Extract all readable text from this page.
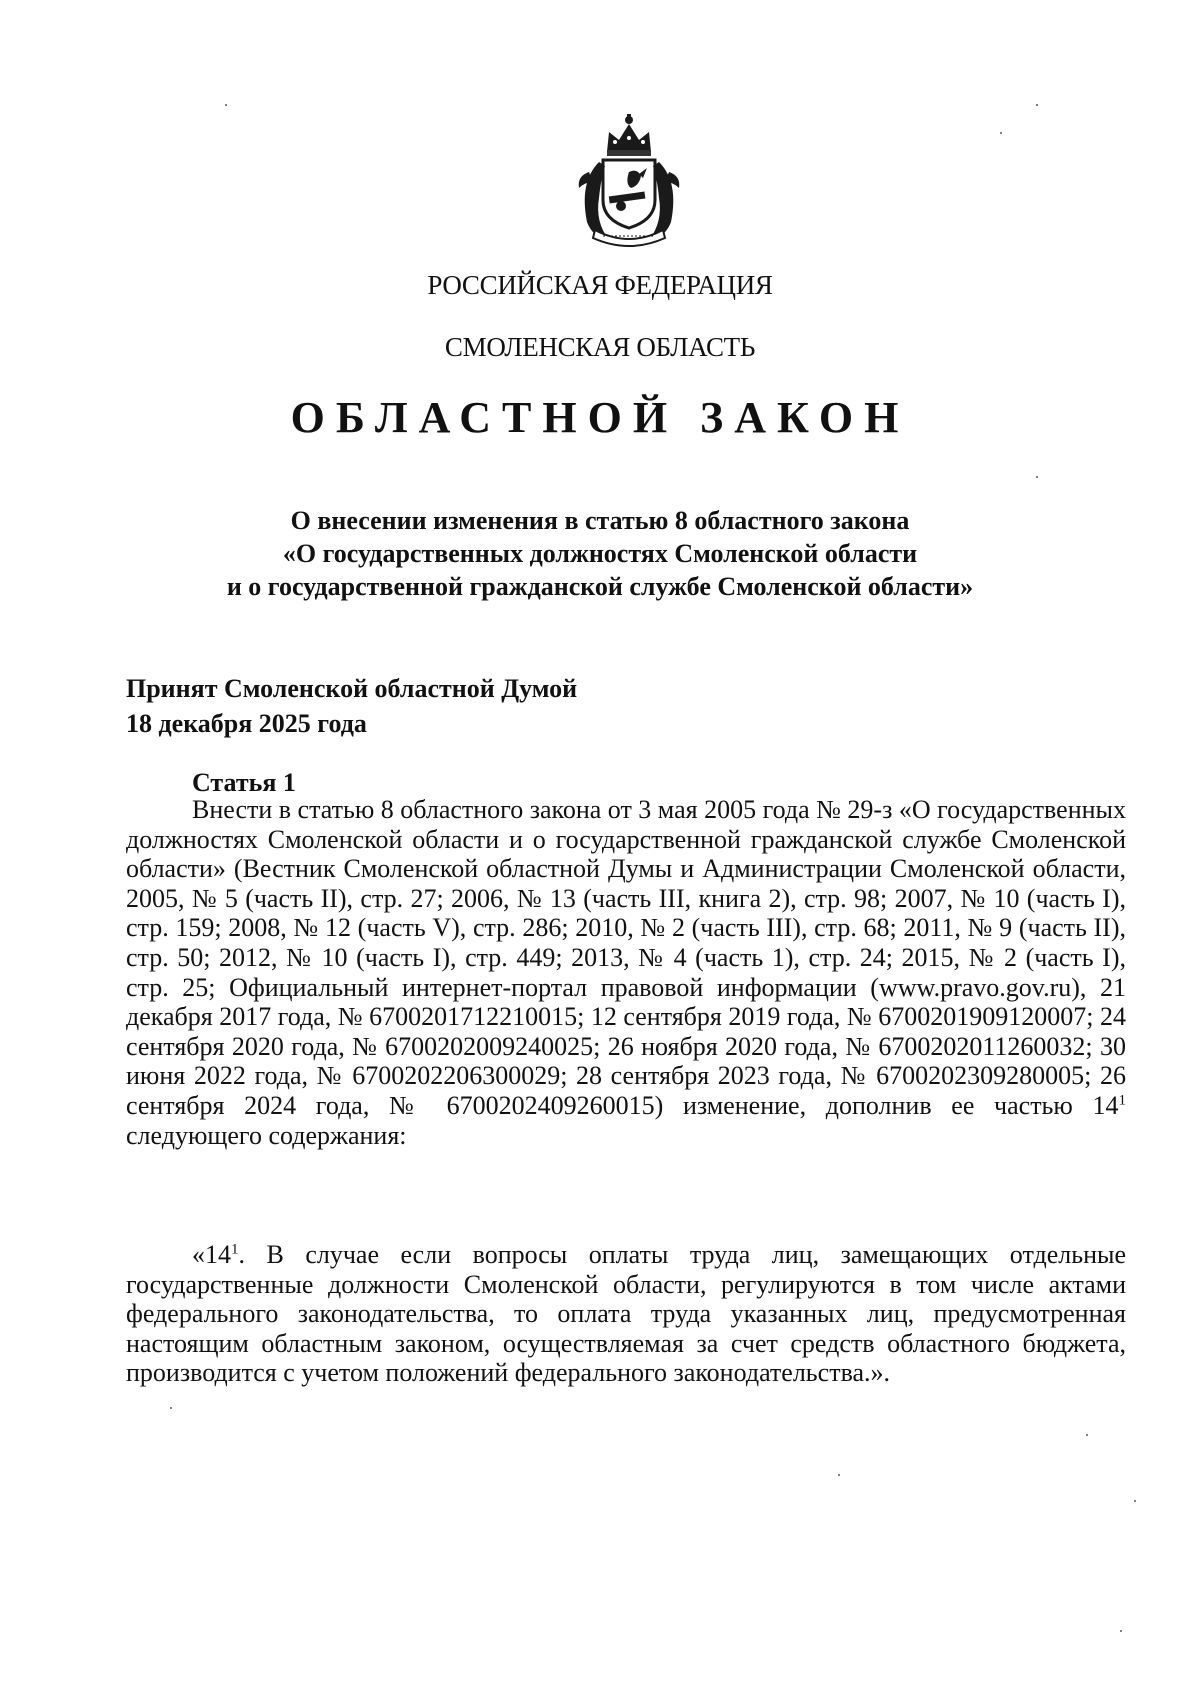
РОССИЙСКАЯ ФЕДЕРАЦИЯ
СМОЛЕНСКАЯ ОБЛАСТЬ
ОБЛАСТНОЙ ЗАКОН
О внесении изменения в статью 8 областного закона
«О государственных должностях Смоленской области
и о государственной гражданской службе Смоленской области»
Принят Смоленской областной Думой
18 декабря 2025 года
Статья 1

Внести в статью 8 областного закона от 3 мая 2005 года № 29-з «О государственных должностях Смоленской области и о государственной гражданской службе Смоленской области» (Вестник Смоленской областной Думы и Администрации Смоленской области, 2005, № 5 (часть II), стр. 27; 2006, № 13 (часть III, книга 2), стр. 98; 2007, № 10 (часть I), стр. 159; 2008, № 12 (часть V), стр. 286; 2010, № 2 (часть III), стр. 68; 2011, № 9 (часть II), стр. 50; 2012, № 10 (часть I), стр. 449; 2013, № 4 (часть 1), стр. 24; 2015, № 2 (часть I), стр. 25; Официальный интернет-портал правовой информации (www.pravo.gov.ru), 21 декабря 2017 года, № 6700201712210015; 12 сентября 2019 года, № 6700201909120007; 24 сентября 2020 года, № 6700202009240025; 26 ноября 2020 года, № 6700202011260032; 30 июня 2022 года, № 6700202206300029; 28 сентября 2023 года, № 6700202309280005; 26 сентября 2024 года, № 6700202409260015) изменение, дополнив ее частью $14^1$ следующего содержания:

«$14^1$. В случае если вопросы оплаты труда лиц, замещающих отдельные государственные должности Смоленской области, регулируются в том числе актами федерального законодательства, то оплата труда указанных лиц, предусмотренная настоящим областным законом, осуществляемая за счет средств областного бюджета, производится с учетом положений федерального законодательства.».
